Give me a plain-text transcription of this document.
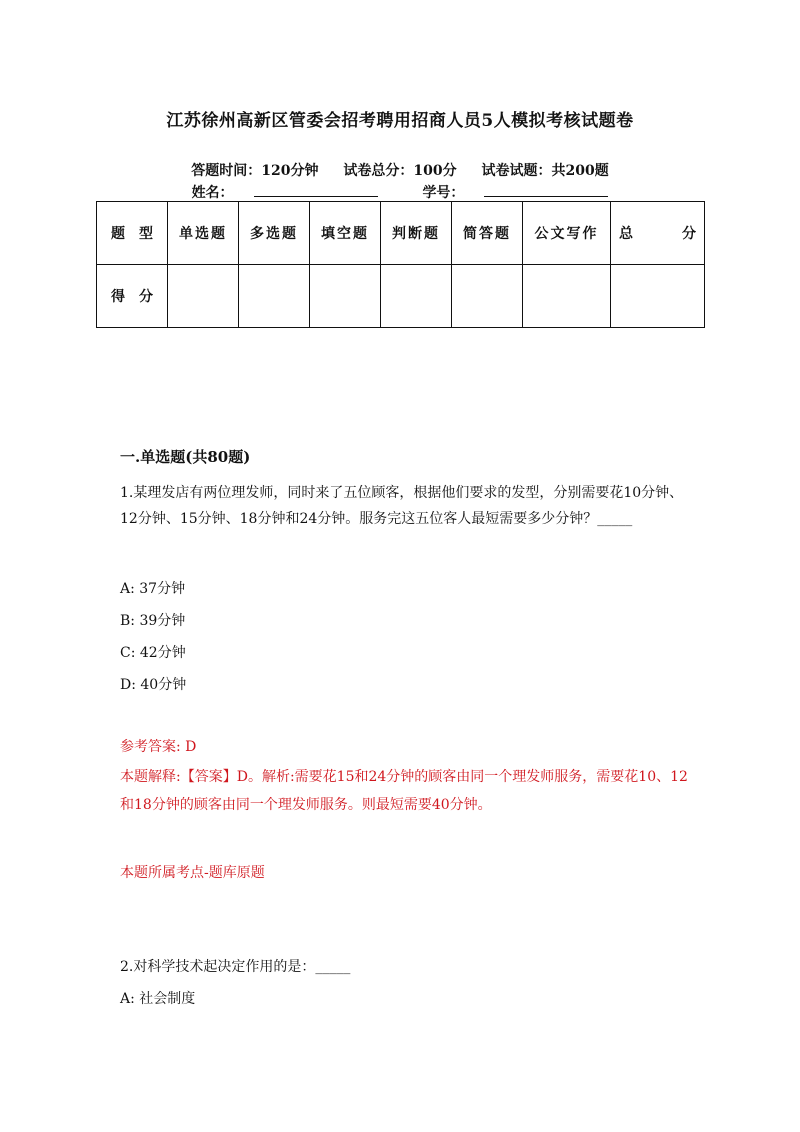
江苏徐州高新区管委会招考聘用招商人员5人模拟考核试题卷
答题时间：120分钟 试卷总分：100分 试卷试题：共200题
姓名：	学号：
题　型	单选题	多选题	填空题	判断题	简答题	公文写作	总　分
得　分							
一.单选题(共80题)
1.某理发店有两位理发师，同时来了五位顾客，根据他们要求的发型，分别需要花10分钟、12分钟、15分钟、18分钟和24分钟。服务完这五位客人最短需要多少分钟？_____
A: 37分钟
B: 39分钟
C: 42分钟
D: 40分钟
参考答案: D
本题解释:【答案】D。解析:需要花15和24分钟的顾客由同一个理发师服务，需要花10、12和18分钟的顾客由同一个理发师服务。则最短需要40分钟。
本题所属考点-题库原题
2.对科学技术起决定作用的是：_____
A: 社会制度
